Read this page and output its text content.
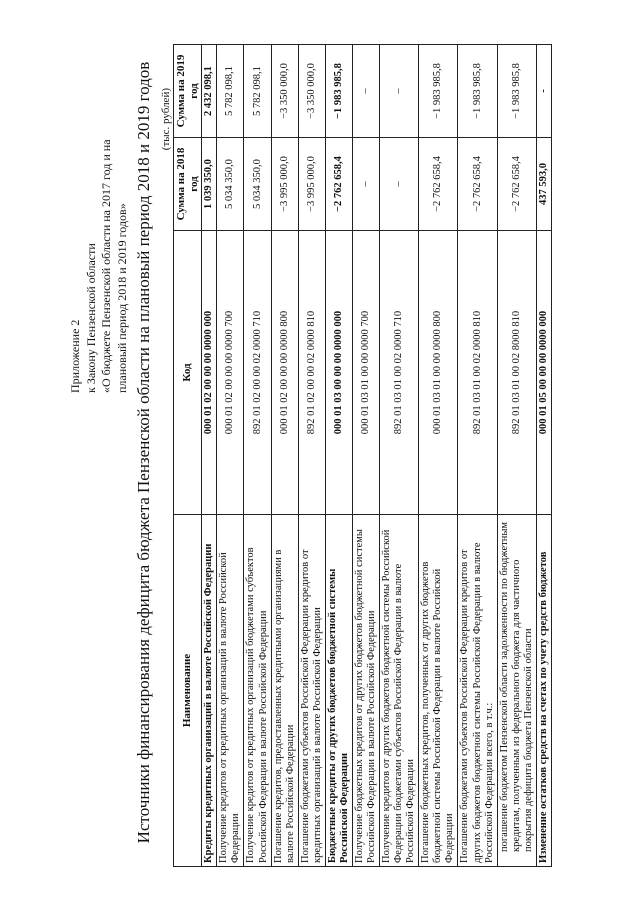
Приложение 2 к Закону Пензенской области «О бюджете Пензенской области на 2017 год и на плановый период 2018 и 2019 годов» Источники финансирования дефицита бюджета Пензенской области на плановый период 2018 и 2019 годов (тыс. рублей)
Наименование	Код	Сумма на 2018 год	Сумма на 2019 год
Кредиты кредитных организаций в валюте Российской Федерации	000 01 02 00 00 00 0000 000	1 039 350,0	2 432 098,1
Получение кредитов от кредитных организаций в валюте Российской Федерации	000 01 02 00 00 00 0000 700	5 034 350,0	5 782 098,1
Получение кредитов от кредитных организаций бюджетами субъектов Российской Федерации в валюте Российской Федерации	892 01 02 00 00 02 0000 710	5 034 350,0	5 782 098,1
Погашение кредитов, предоставленных кредитными организациями в валюте Российской Федерации	000 01 02 00 00 00 0000 800	−3 995 000,0	−3 350 000,0
Погашение бюджетами субъектов Российской Федерации кредитов от кредитных организаций в валюте Российской Федерации	892 01 02 00 00 02 0000 810	−3 995 000,0	−3 350 000,0
Бюджетные кредиты от других бюджетов бюджетной системы Российской Федерации	000 01 03 00 00 00 0000 000	−2 762 658,4	−1 983 985,8
Получение бюджетных кредитов от других бюджетов бюджетной системы Российской Федерации в валюте Российской Федерации	000 01 03 01 00 00 0000 700	–	–
Получение кредитов от других бюджетов бюджетной системы Российской Федерации бюджетами субъектов Российской Федерации в валюте Российской Федерации	892 01 03 01 00 02 0000 710	–	–
Погашение бюджетных кредитов, полученных от других бюджетов бюджетной системы Российской Федерации в валюте Российской Федерации	000 01 03 01 00 00 0000 800	−2 762 658,4	−1 983 985,8
Погашение бюджетами субъектов Российской Федерации кредитов от других бюджетов бюджетной системы Российской Федерации в валюте Российской Федерации всего, в т.ч.:	892 01 03 01 00 02 0000 810	−2 762 658,4	−1 983 985,8
погашение бюджетом Пензенской области задолженности по бюджетным кредитам, полученным из федерального бюджета для частичного покрытия дефицита бюджета Пензенской области	892 01 03 01 00 02 8000 810	−2 762 658,4	−1 983 985,8
Изменение остатков средств на счетах по учету средств бюджетов	000 01 05 00 00 00 0000 000	437 593,0	-
